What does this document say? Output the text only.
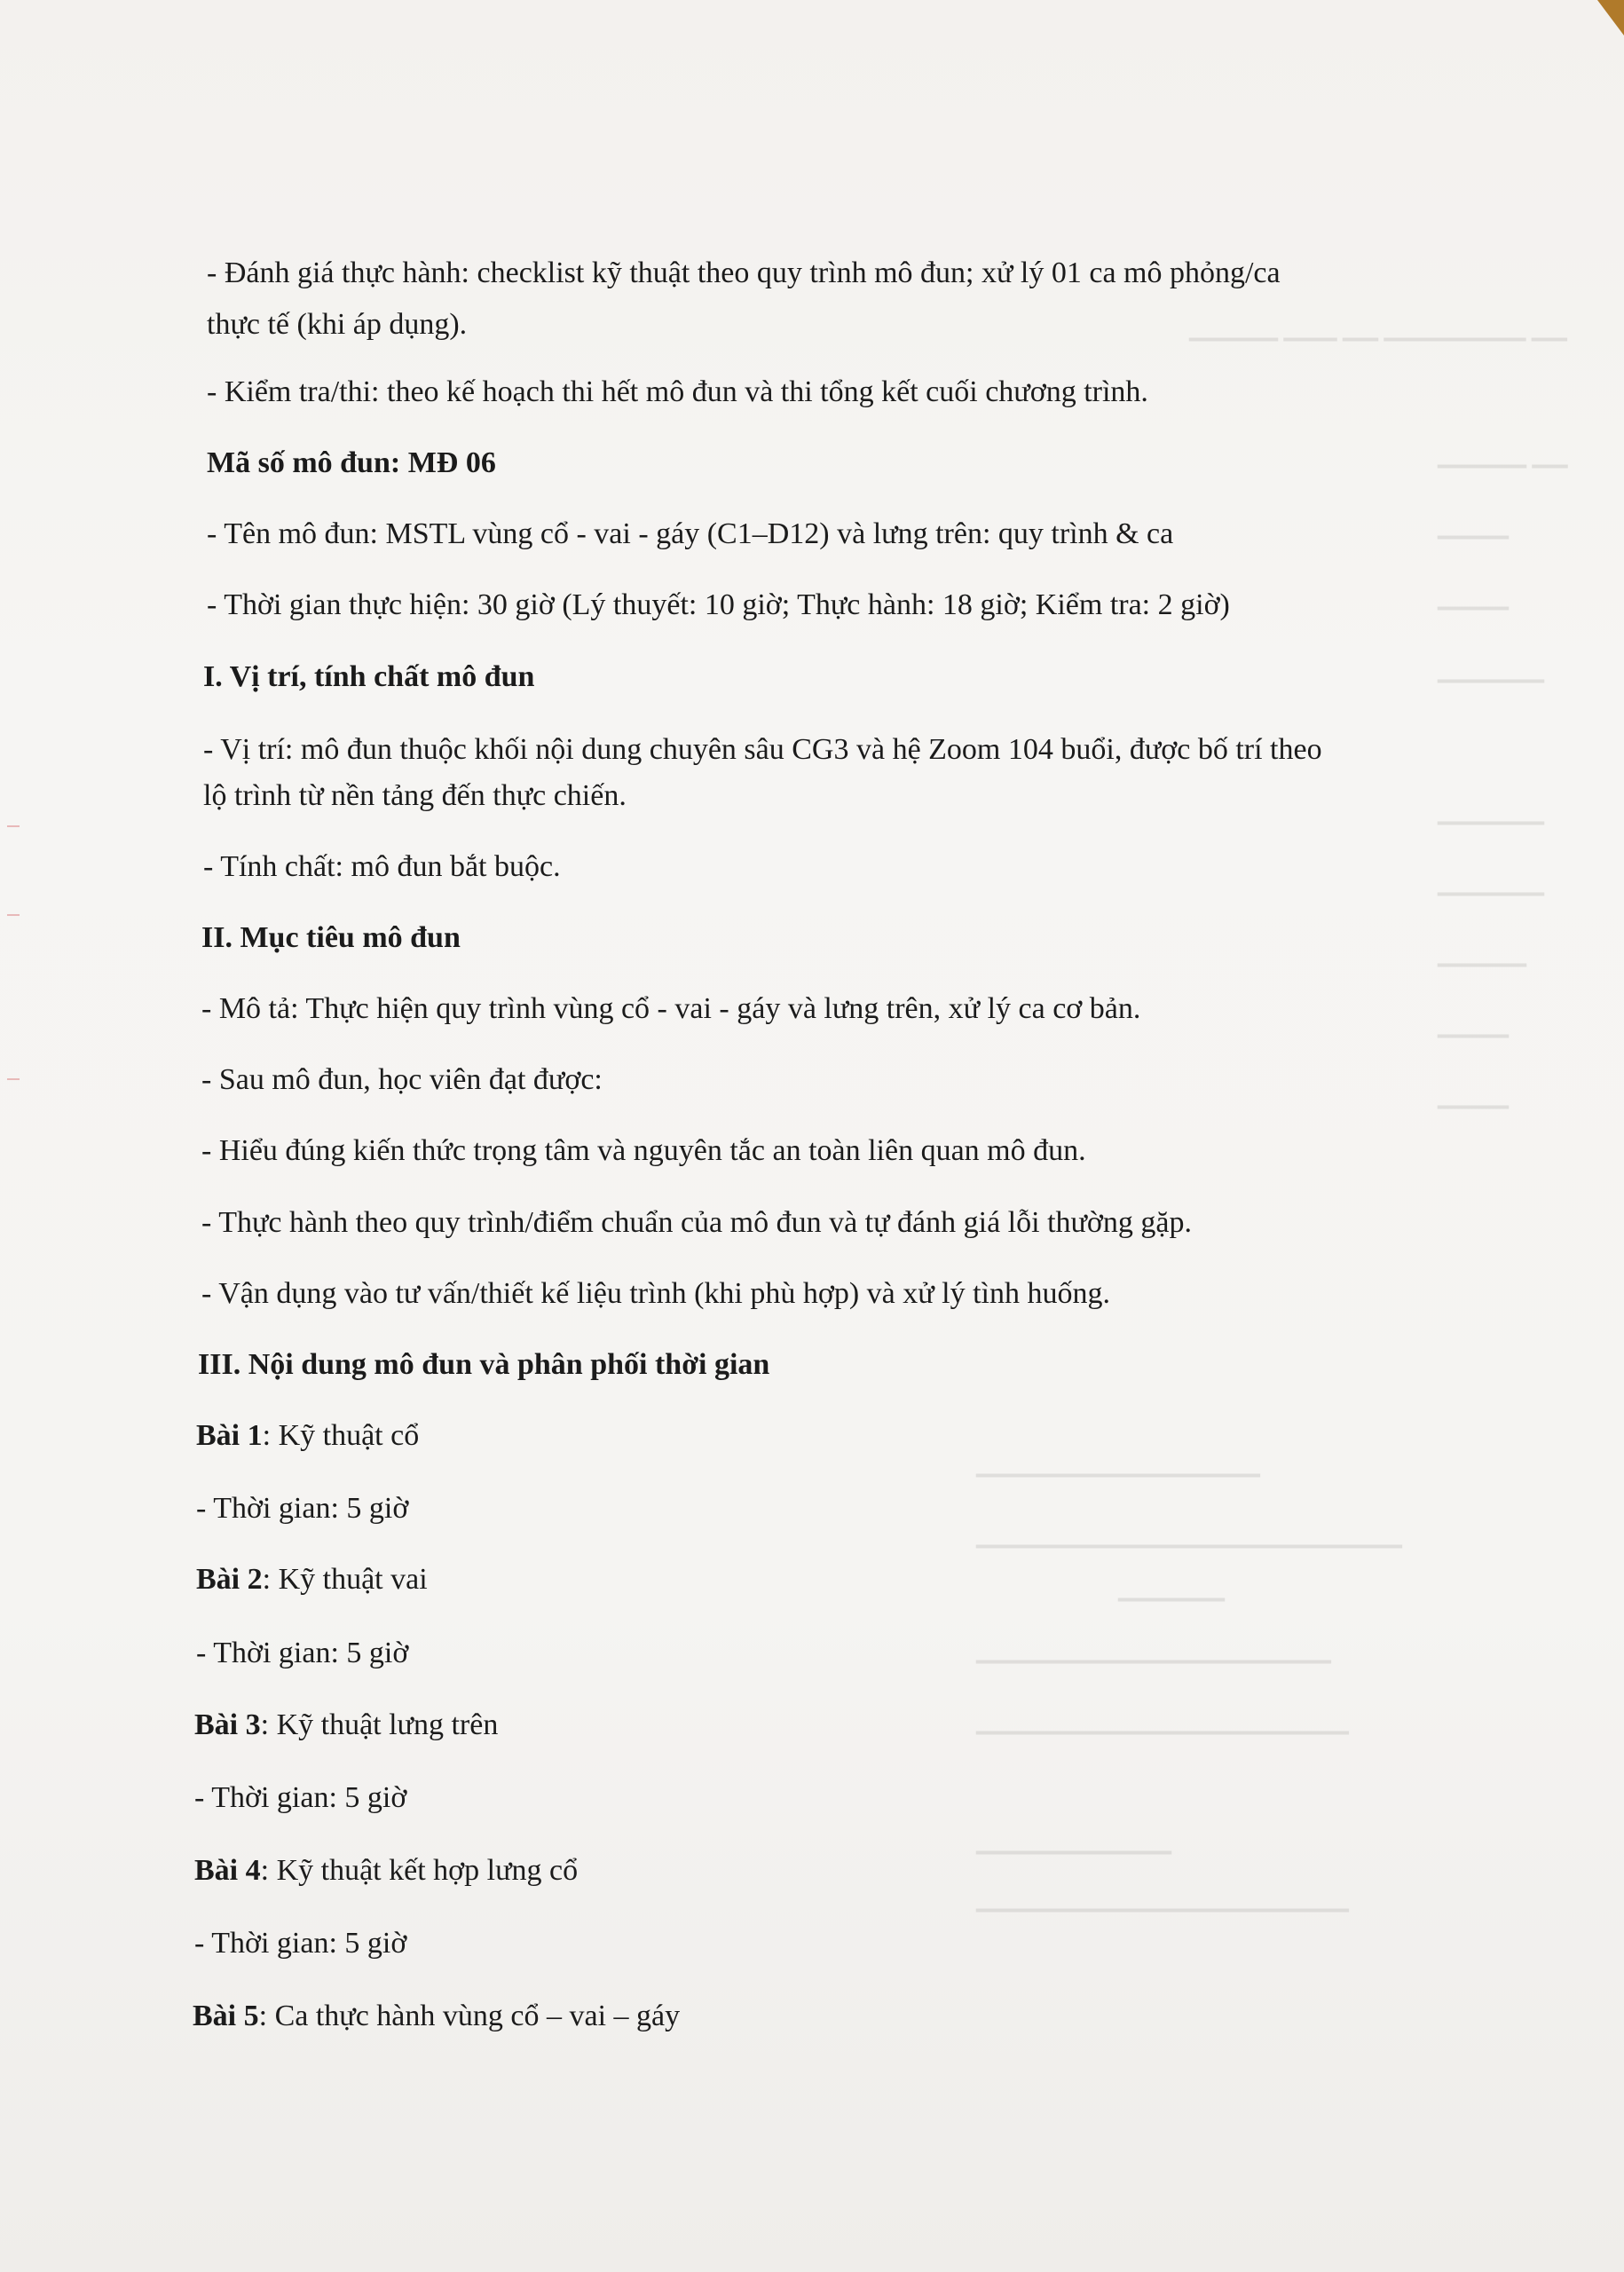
▁▁▁▁▁ ▁▁▁ ▁▁ ▁▁▁▁▁▁▁▁ ▁▁
▁▁▁▁▁ ▁▁
▁▁▁▁
▁▁▁▁
▁▁▁▁▁▁
▁▁▁▁▁▁
▁▁▁▁▁▁
▁▁▁▁▁
▁▁▁▁
▁▁▁▁
▁▁▁▁▁▁▁▁▁▁▁▁▁▁▁▁
▁▁▁▁▁▁▁▁▁▁▁▁▁▁▁▁▁▁▁▁▁▁▁▁
▁▁▁▁▁▁
▁▁▁▁▁▁▁▁▁▁▁▁▁▁▁▁▁▁▁▁
▁▁▁▁▁▁▁▁▁▁▁▁▁▁▁▁▁▁▁▁▁
▁▁▁▁▁▁▁▁▁▁▁
▁▁▁▁▁▁▁▁▁▁▁▁▁▁▁▁▁▁▁▁▁
- Đánh giá thực hành: checklist kỹ thuật theo quy trình mô đun; xử lý 01 ca mô phỏng/ca
thực tế (khi áp dụng).
- Kiểm tra/thi: theo kế hoạch thi hết mô đun và thi tổng kết cuối chương trình.
Mã số mô đun: MĐ 06
- Tên mô đun: MSTL vùng cổ - vai - gáy (C1–D12) và lưng trên: quy trình & ca
- Thời gian thực hiện: 30 giờ (Lý thuyết: 10 giờ; Thực hành: 18 giờ; Kiểm tra: 2 giờ)
I. Vị trí, tính chất mô đun
- Vị trí: mô đun thuộc khối nội dung chuyên sâu CG3 và hệ Zoom 104 buổi, được bố trí theo
lộ trình từ nền tảng đến thực chiến.
- Tính chất: mô đun bắt buộc.
II. Mục tiêu mô đun
- Mô tả: Thực hiện quy trình vùng cổ - vai - gáy và lưng trên, xử lý ca cơ bản.
- Sau mô đun, học viên đạt được:
- Hiểu đúng kiến thức trọng tâm và nguyên tắc an toàn liên quan mô đun.
- Thực hành theo quy trình/điểm chuẩn của mô đun và tự đánh giá lỗi thường gặp.
- Vận dụng vào tư vấn/thiết kế liệu trình (khi phù hợp) và xử lý tình huống.
III. Nội dung mô đun và phân phối thời gian
Bài 1: Kỹ thuật cổ
- Thời gian: 5 giờ
Bài 2: Kỹ thuật vai
- Thời gian: 5 giờ
Bài 3: Kỹ thuật lưng trên
- Thời gian: 5 giờ
Bài 4: Kỹ thuật kết hợp lưng cổ
- Thời gian: 5 giờ
Bài 5: Ca thực hành vùng cổ – vai – gáy
